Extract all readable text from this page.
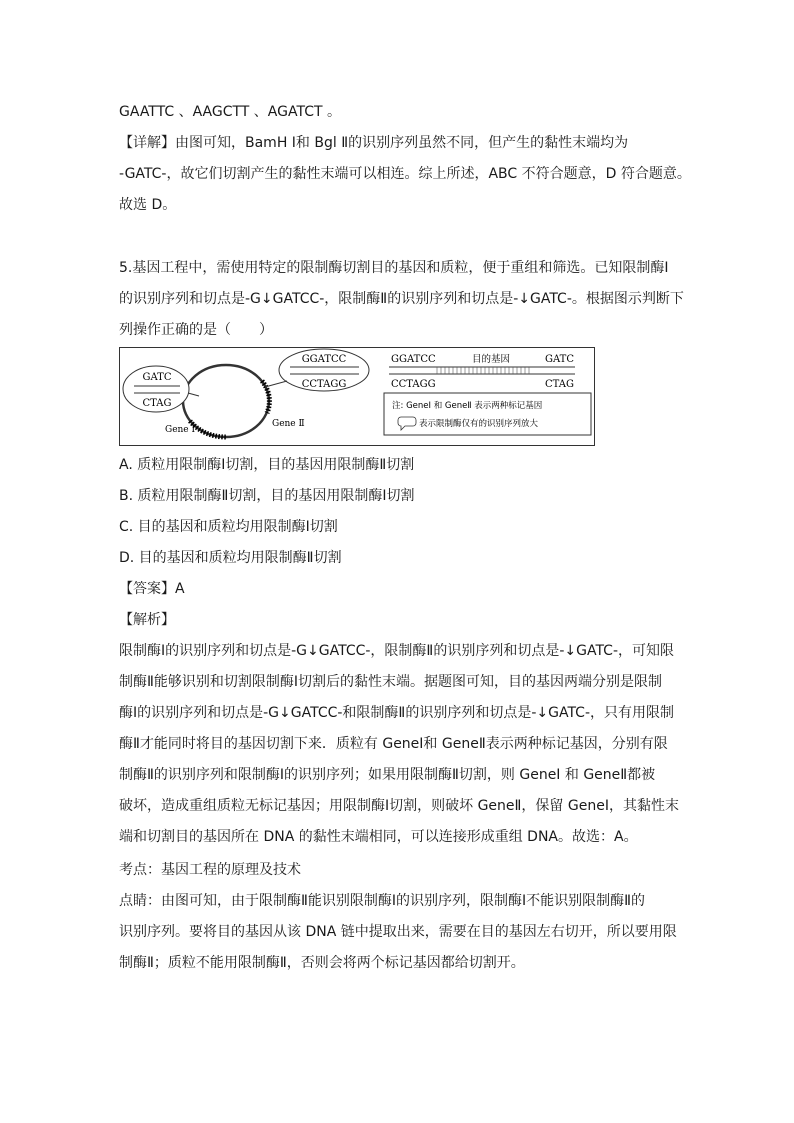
GAATTC 、AAGCTT 、AGATCT 。
【详解】由图可知，BamH Ⅰ和 Bgl Ⅱ的识别序列虽然不同，但产生的黏性末端均为
-GATC-，故它们切割产生的黏性末端可以相连。综上所述，ABC 不符合题意，D 符合题意。
故选 D。
5.基因工程中，需使用特定的限制酶切割目的基因和质粒，便于重组和筛选。已知限制酶Ⅰ
的识别序列和切点是-G↓GATCC-，限制酶Ⅱ的识别序列和切点是-↓GATC-。根据图示判断下
列操作正确的是（　　）
GATC
CTAG
GGATCC
CCTAGG
Gene Ⅰ
Gene Ⅱ
GGATCC
CCTAGG
目的基因	GATC
CTAG
注: GeneⅠ 和 GeneⅡ 表示两种标记基因
表示限制酶仅有的识别序列放大
A. 质粒用限制酶Ⅰ切割，目的基因用限制酶Ⅱ切割
B. 质粒用限制酶Ⅱ切割，目的基因用限制酶Ⅰ切割
C. 目的基因和质粒均用限制酶Ⅰ切割
D. 目的基因和质粒均用限制酶Ⅱ切割
【答案】A
【解析】
限制酶Ⅰ的识别序列和切点是-G↓GATCC-，限制酶Ⅱ的识别序列和切点是-↓GATC-，可知限
制酶Ⅱ能够识别和切割限制酶Ⅰ切割后的黏性末端。据题图可知，目的基因两端分别是限制
酶Ⅰ的识别序列和切点是-G↓GATCC-和限制酶Ⅱ的识别序列和切点是-↓GATC-，只有用限制
酶Ⅱ才能同时将目的基因切割下来．质粒有 GeneⅠ和 GeneⅡ表示两种标记基因，分别有限
制酶Ⅱ的识别序列和限制酶Ⅰ的识别序列；如果用限制酶Ⅱ切割，则 GeneⅠ 和 GeneⅡ都被
破坏，造成重组质粒无标记基因；用限制酶Ⅰ切割，则破坏 GeneⅡ，保留 GeneⅠ，其黏性末
端和切割目的基因所在 DNA 的黏性末端相同，可以连接形成重组 DNA。故选：A。
考点：基因工程的原理及技术
点睛：由图可知，由于限制酶Ⅱ能识别限制酶Ⅰ的识别序列，限制酶Ⅰ不能识别限制酶Ⅱ的
识别序列。要将目的基因从该 DNA 链中提取出来，需要在目的基因左右切开，所以要用限
制酶Ⅱ；质粒不能用限制酶Ⅱ，否则会将两个标记基因都给切割开。
